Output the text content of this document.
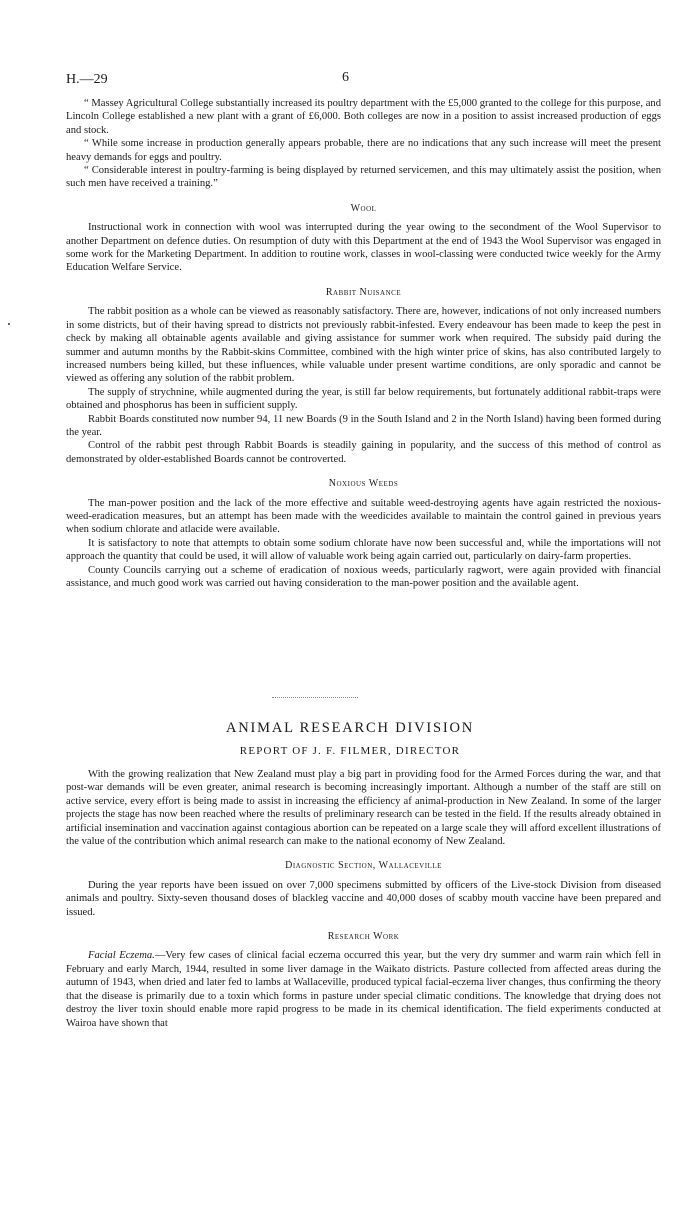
H.—29	6

“ Massey Agricultural College substantially increased its poultry department with the £5,000 granted to the college for this purpose, and Lincoln College established a new plant with a grant of £6,000. Both colleges are now in a position to assist increased production of eggs and stock.

“ While some increase in production generally appears probable, there are no indications that any such increase will meet the present heavy demands for eggs and poultry.

“ Considerable interest in poultry-farming is being displayed by returned servicemen, and this may ultimately assist the position, when such men have received a training.”

Wool

Instructional work in connection with wool was interrupted during the year owing to the secondment of the Wool Supervisor to another Department on defence duties. On resumption of duty with this Department at the end of 1943 the Wool Supervisor was engaged in some work for the Marketing Department. In addition to routine work, classes in wool-classing were conducted twice weekly for the Army Education Welfare Service.

Rabbit Nuisance

The rabbit position as a whole can be viewed as reasonably satisfactory. There are, however, indications of not only increased numbers in some districts, but of their having spread to districts not previously rabbit-infested. Every endeavour has been made to keep the pest in check by making all obtainable agents available and giving assistance for summer work when required. The subsidy paid during the summer and autumn months by the Rabbit-skins Committee, combined with the high winter price of skins, has also contributed largely to increased numbers being killed, but these influences, while valuable under present wartime conditions, are only sporadic and cannot be viewed as offering any solution of the rabbit problem.

The supply of strychnine, while augmented during the year, is still far below requirements, but fortunately additional rabbit-traps were obtained and phosphorus has been in sufficient supply.

Rabbit Boards constituted now number 94, 11 new Boards (9 in the South Island and 2 in the North Island) having been formed during the year.

Control of the rabbit pest through Rabbit Boards is steadily gaining in popularity, and the success of this method of control as demonstrated by older-established Boards cannot be controverted.

Noxious Weeds

The man-power position and the lack of the more effective and suitable weed-destroying agents have again restricted the noxious-weed-eradication measures, but an attempt has been made with the weedicides available to maintain the control gained in previous years when sodium chlorate and atlacide were available.

It is satisfactory to note that attempts to obtain some sodium chlorate have now been successful and, while the importations will not approach the quantity that could be used, it will allow of valuable work being again carried out, particularly on dairy-farm properties.

County Councils carrying out a scheme of eradication of noxious weeds, particularly ragwort, were again provided with financial assistance, and much good work was carried out having consideration to the man-power position and the available agent.

ANIMAL RESEARCH DIVISION
REPORT OF J. F. FILMER, DIRECTOR

With the growing realization that New Zealand must play a big part in providing food for the Armed Forces during the war, and that post-war demands will be even greater, animal research is becoming increasingly important. Although a number of the staff are still on active service, every effort is being made to assist in increasing the efficiency af animal-production in New Zealand. In some of the larger projects the stage has now been reached where the results of preliminary research can be tested in the field. If the results already obtained in artificial insemination and vaccination against contagious abortion can be repeated on a large scale they will afford excellent illustrations of the value of the contribution which animal research can make to the national economy of New Zealand.

Diagnostic Section, Wallaceville

During the year reports have been issued on over 7,000 specimens submitted by officers of the Live-stock Division from diseased animals and poultry. Sixty-seven thousand doses of blackleg vaccine and 40,000 doses of scabby mouth vaccine have been prepared and issued.

Research Work

Facial Eczema.—Very few cases of clinical facial eczema occurred this year, but the very dry summer and warm rain which fell in February and early March, 1944, resulted in some liver damage in the Waikato districts. Pasture collected from affected areas during the autumn of 1943, when dried and later fed to lambs at Wallaceville, produced typical facial-eczema liver changes, thus confirming the theory that the disease is primarily due to a toxin which forms in pasture under special climatic conditions. The knowledge that drying does not destroy the liver toxin should enable more rapid progress to be made in its chemical identification. The field experiments conducted at Wairoa have shown that
